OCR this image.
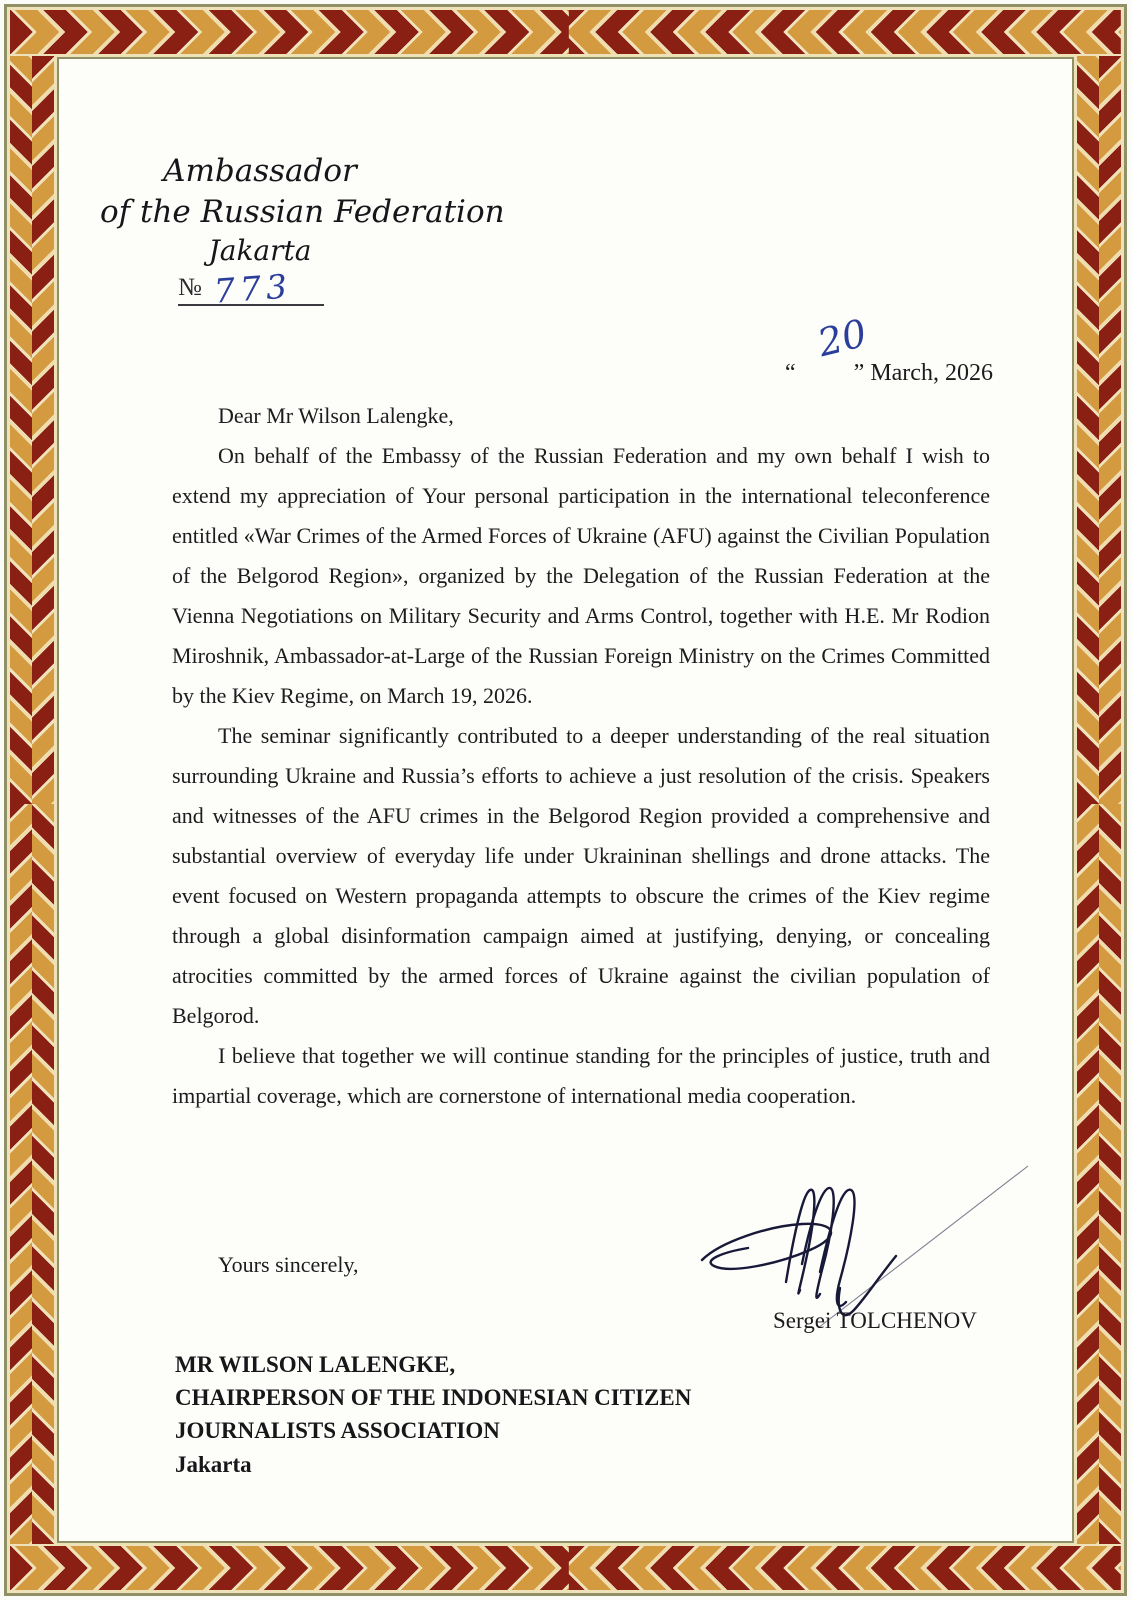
Ambassador
of the Russian Federation
Jakarta
№ 773
“ ” March, 2026
20

Dear Mr Wilson Lalengke,

On behalf of the Embassy of the Russian Federation and my own behalf I wish to extend my appreciation of Your personal participation in the international teleconference entitled «War Crimes of the Armed Forces of Ukraine (AFU) against the Civilian Population of the Belgorod Region», organized by the Delegation of the Russian Federation at the Vienna Negotiations on Military Security and Arms Control, together with H.E. Mr Rodion Miroshnik, Ambassador-at-Large of the Russian Foreign Ministry on the Crimes Committed by the Kiev Regime, on March 19, 2026.

The seminar significantly contributed to a deeper understanding of the real situation surrounding Ukraine and Russia’s efforts to achieve a just resolution of the crisis. Speakers and witnesses of the AFU crimes in the Belgorod Region provided a comprehensive and substantial overview of everyday life under Ukraininan shellings and drone attacks. The event focused on Western propaganda attempts to obscure the crimes of the Kiev regime through a global disinformation campaign aimed at justifying, denying, or concealing atrocities committed by the armed forces of Ukraine against the civilian population of Belgorod.

I believe that together we will continue standing for the principles of justice, truth and impartial coverage, which are cornerstone of international media cooperation.

Yours sincerely,
Sergei TOLCHENOV
MR WILSON LALENGKE,
CHAIRPERSON OF THE INDONESIAN CITIZEN
JOURNALISTS ASSOCIATION
Jakarta
